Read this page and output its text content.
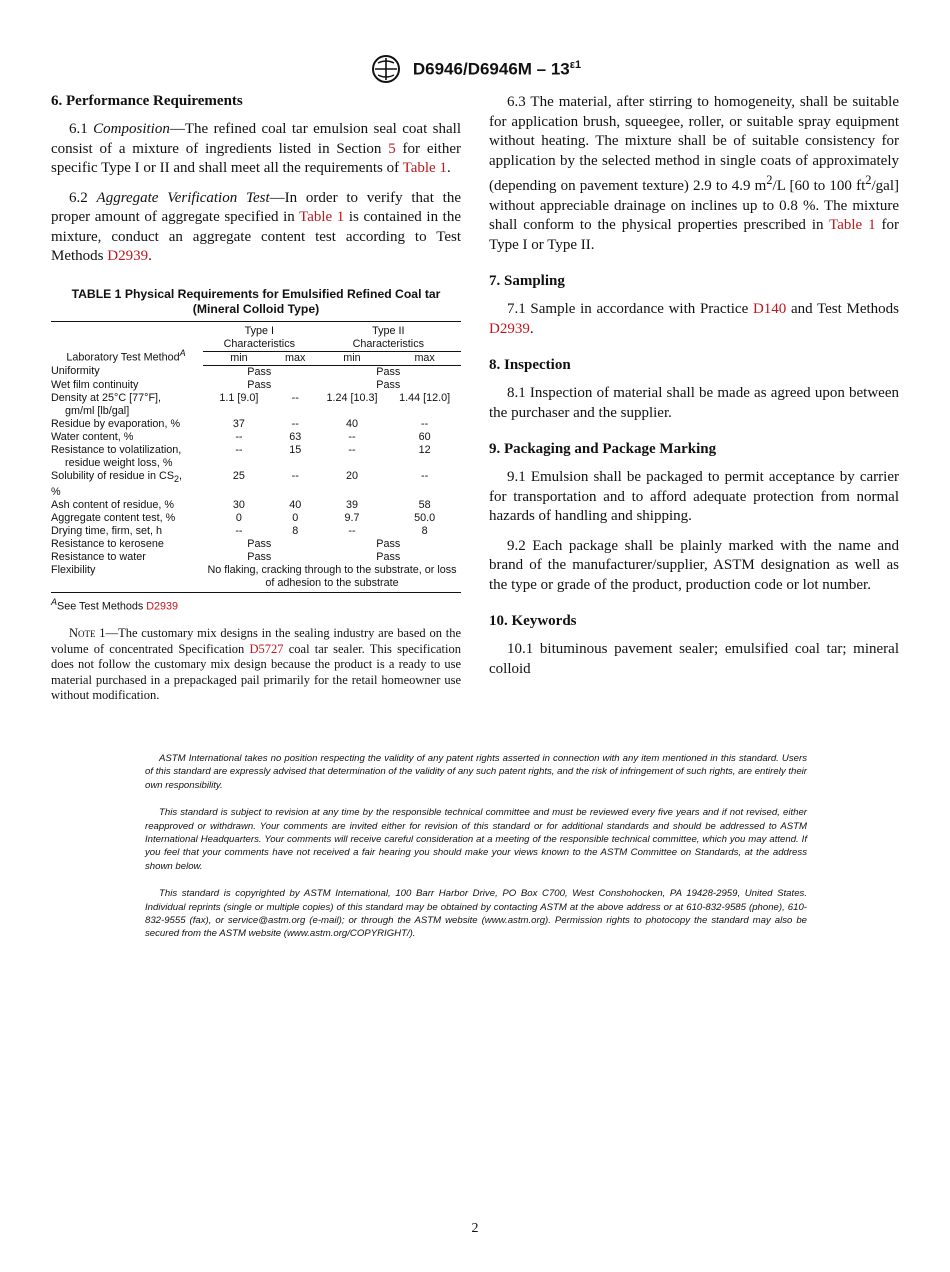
$D6946/D6946M - 13^{\varepsilon 1}$
6. Performance Requirements

6.1 Composition—The refined coal tar emulsion seal coat shall consist of a mixture of ingredients listed in Section 5 for either specific Type I or II and shall meet all the requirements of Table 1.

6.2 Aggregate Verification Test—In order to verify that the proper amount of aggregate specified in Table 1 is contained in the mixture, conduct an aggregate content test according to Test Methods D2939.

TABLE 1 Physical Requirements for Emulsified Refined Coal tar (Mineral Colloid Type)
Laboratory Test Method$^A$	Type I
Characteristics		Type II
Characteristics	
	min	max	min	max
Uniformity	Pass		Pass	
Wet film continuity	Pass		Pass	
Density at 25°C [77°F],
gm/ml [lb/gal]	1.1 [9.0]	--	1.24 [10.3]	1.44 [12.0]
Residue by evaporation, %	37	--	40	--
Water content, %	--	63	--	60
Resistance to volatilization,
residue weight loss, %	--	15	--	12
Solubility of residue in $CS_2$,
%	25	--	20	--
Ash content of residue, %	30	40	39	58
Aggregate content test, %	0	0	9.7	50.0
Drying time, firm, set, h	--	8	--	8
Resistance to kerosene	Pass		Pass	
Resistance to water	Pass		Pass	
Flexibility	No flaking, cracking through to the substrate, or loss of adhesion to the substrate			
$^A$See Test Methods D2939

Note 1—The customary mix designs in the sealing industry are based on the volume of concentrated Specification D5727 coal tar sealer. This specification does not follow the customary mix design because the product is a ready to use material purchased in a prepackaged pail primarily for the retail homeowner use without modification.

6.3 The material, after stirring to homogeneity, shall be suitable for application brush, squeegee, roller, or suitable spray equipment without heating. The mixture shall be of suitable consistency for application by the selected method in single coats of approximately (depending on pavement texture) 2.9 to 4.9 $m^2/L$ [60 to 100 $ft^2/gal$] without appreciable drainage on inclines up to 0.8 %. The mixture shall conform to the physical properties prescribed in Table 1 for Type I or Type II.

7. Sampling

7.1 Sample in accordance with Practice D140 and Test Methods D2939.

8. Inspection

8.1 Inspection of material shall be made as agreed upon between the purchaser and the supplier.

9. Packaging and Package Marking

9.1 Emulsion shall be packaged to permit acceptance by carrier for transportation and to afford adequate protection from normal hazards of handling and shipping.

9.2 Each package shall be plainly marked with the name and brand of the manufacturer/supplier, ASTM designation as well as the type or grade of the product, production code or lot number.

10. Keywords

10.1 bituminous pavement sealer; emulsified coal tar; mineral colloid

ASTM International takes no position respecting the validity of any patent rights asserted in connection with any item mentioned in this standard. Users of this standard are expressly advised that determination of the validity of any such patent rights, and the risk of infringement of such rights, are entirely their own responsibility.

This standard is subject to revision at any time by the responsible technical committee and must be reviewed every five years and if not revised, either reapproved or withdrawn. Your comments are invited either for revision of this standard or for additional standards and should be addressed to ASTM International Headquarters. Your comments will receive careful consideration at a meeting of the responsible technical committee, which you may attend. If you feel that your comments have not received a fair hearing you should make your views known to the ASTM Committee on Standards, at the address shown below.

This standard is copyrighted by ASTM International, 100 Barr Harbor Drive, PO Box C700, West Conshohocken, PA 19428-2959, United States. Individual reprints (single or multiple copies) of this standard may be obtained by contacting ASTM at the above address or at 610-832-9585 (phone), 610-832-9555 (fax), or service@astm.org (e-mail); or through the ASTM website (www.astm.org). Permission rights to photocopy the standard may also be secured from the ASTM website (www.astm.org/COPYRIGHT/).

2
